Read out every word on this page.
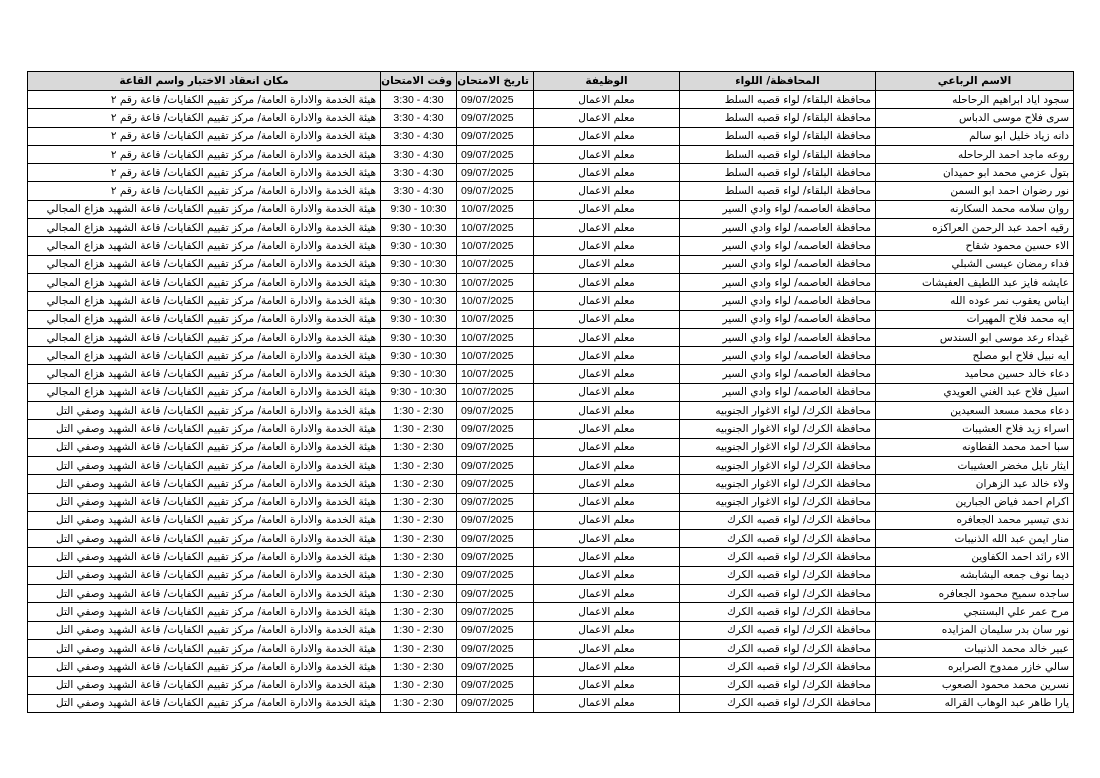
الاسم الرباعي	المحافظة/ اللواء	الوظيفة	تاريخ الامتحان	وقت الامتحان	مكان انعقاد الاختبار واسم القاعة
سجود اياد ابراهيم الرحاحله	محافظة البلقاء/ لواء قصبه السلط	معلم الاعمال	09/07/2025	3:30 - 4:30	هيئة الخدمة والادارة العامة/ مركز تقييم الكفايات/ قاعة رقم ٢
سرى فلاح موسى الدباس	محافظة البلقاء/ لواء قصبه السلط	معلم الاعمال	09/07/2025	3:30 - 4:30	هيئة الخدمة والادارة العامة/ مركز تقييم الكفايات/ قاعة رقم ٢
دانه زياد خليل ابو سالم	محافظة البلقاء/ لواء قصبه السلط	معلم الاعمال	09/07/2025	3:30 - 4:30	هيئة الخدمة والادارة العامة/ مركز تقييم الكفايات/ قاعة رقم ٢
روعه ماجد احمد الرحاحله	محافظة البلقاء/ لواء قصبه السلط	معلم الاعمال	09/07/2025	3:30 - 4:30	هيئة الخدمة والادارة العامة/ مركز تقييم الكفايات/ قاعة رقم ٢
بتول عزمي محمد ابو حميدان	محافظة البلقاء/ لواء قصبه السلط	معلم الاعمال	09/07/2025	3:30 - 4:30	هيئة الخدمة والادارة العامة/ مركز تقييم الكفايات/ قاعة رقم ٢
نور رضوان احمد ابو السمن	محافظة البلقاء/ لواء قصبه السلط	معلم الاعمال	09/07/2025	3:30 - 4:30	هيئة الخدمة والادارة العامة/ مركز تقييم الكفايات/ قاعة رقم ٢
روان سلامه محمد السكارنه	محافظة العاصمه/ لواء وادي السير	معلم الاعمال	10/07/2025	9:30 - 10:30	هيئة الخدمة والادارة العامة/ مركز تقييم الكفايات/ قاعة الشهيد هزاع المجالي
رقيه احمد عبد الرحمن العراكزه	محافظة العاصمه/ لواء وادي السير	معلم الاعمال	10/07/2025	9:30 - 10:30	هيئة الخدمة والادارة العامة/ مركز تقييم الكفايات/ قاعة الشهيد هزاع المجالي
الاء حسين محمود شقاح	محافظة العاصمه/ لواء وادي السير	معلم الاعمال	10/07/2025	9:30 - 10:30	هيئة الخدمة والادارة العامة/ مركز تقييم الكفايات/ قاعة الشهيد هزاع المجالي
فداء رمضان عيسى الشبلي	محافظة العاصمه/ لواء وادي السير	معلم الاعمال	10/07/2025	9:30 - 10:30	هيئة الخدمة والادارة العامة/ مركز تقييم الكفايات/ قاعة الشهيد هزاع المجالي
عايشه فايز عبد اللطيف العفيشات	محافظة العاصمه/ لواء وادي السير	معلم الاعمال	10/07/2025	9:30 - 10:30	هيئة الخدمة والادارة العامة/ مركز تقييم الكفايات/ قاعة الشهيد هزاع المجالي
ايناس يعقوب نمر عوده الله	محافظة العاصمه/ لواء وادي السير	معلم الاعمال	10/07/2025	9:30 - 10:30	هيئة الخدمة والادارة العامة/ مركز تقييم الكفايات/ قاعة الشهيد هزاع المجالي
ايه محمد فلاح المهيرات	محافظة العاصمه/ لواء وادي السير	معلم الاعمال	10/07/2025	9:30 - 10:30	هيئة الخدمة والادارة العامة/ مركز تقييم الكفايات/ قاعة الشهيد هزاع المجالي
غيداء رعد موسى ابو السندس	محافظة العاصمه/ لواء وادي السير	معلم الاعمال	10/07/2025	9:30 - 10:30	هيئة الخدمة والادارة العامة/ مركز تقييم الكفايات/ قاعة الشهيد هزاع المجالي
ايه نبيل فلاح ابو مصلح	محافظة العاصمه/ لواء وادي السير	معلم الاعمال	10/07/2025	9:30 - 10:30	هيئة الخدمة والادارة العامة/ مركز تقييم الكفايات/ قاعة الشهيد هزاع المجالي
دعاء خالد حسين محاميد	محافظة العاصمه/ لواء وادي السير	معلم الاعمال	10/07/2025	9:30 - 10:30	هيئة الخدمة والادارة العامة/ مركز تقييم الكفايات/ قاعة الشهيد هزاع المجالي
اسيل فلاح عبد الغني العويدي	محافظة العاصمه/ لواء وادي السير	معلم الاعمال	10/07/2025	9:30 - 10:30	هيئة الخدمة والادارة العامة/ مركز تقييم الكفايات/ قاعة الشهيد هزاع المجالي
دعاء محمد مسعد السعيدين	محافظة الكرك/ لواء الاغوار الجنوبيه	معلم الاعمال	09/07/2025	1:30 - 2:30	هيئة الخدمة والادارة العامة/ مركز تقييم الكفايات/ قاعة الشهيد وصفي التل
اسراء زيد فلاح العشيبات	محافظة الكرك/ لواء الاغوار الجنوبيه	معلم الاعمال	09/07/2025	1:30 - 2:30	هيئة الخدمة والادارة العامة/ مركز تقييم الكفايات/ قاعة الشهيد وصفي التل
سبا احمد محمد القطاونه	محافظة الكرك/ لواء الاغوار الجنوبيه	معلم الاعمال	09/07/2025	1:30 - 2:30	هيئة الخدمة والادارة العامة/ مركز تقييم الكفايات/ قاعة الشهيد وصفي التل
ايثار نايل مخضر العشيبات	محافظة الكرك/ لواء الاغوار الجنوبيه	معلم الاعمال	09/07/2025	1:30 - 2:30	هيئة الخدمة والادارة العامة/ مركز تقييم الكفايات/ قاعة الشهيد وصفي التل
ولاء خالد عبد الزهران	محافظة الكرك/ لواء الاغوار الجنوبيه	معلم الاعمال	09/07/2025	1:30 - 2:30	هيئة الخدمة والادارة العامة/ مركز تقييم الكفايات/ قاعة الشهيد وصفي التل
اكرام احمد فياض الجبارين	محافظة الكرك/ لواء الاغوار الجنوبيه	معلم الاعمال	09/07/2025	1:30 - 2:30	هيئة الخدمة والادارة العامة/ مركز تقييم الكفايات/ قاعة الشهيد وصفي التل
ندى تيسير محمد الجعافره	محافظة الكرك/ لواء قصبه الكرك	معلم الاعمال	09/07/2025	1:30 - 2:30	هيئة الخدمة والادارة العامة/ مركز تقييم الكفايات/ قاعة الشهيد وصفي التل
منار ايمن عبد الله الذنيبات	محافظة الكرك/ لواء قصبه الكرك	معلم الاعمال	09/07/2025	1:30 - 2:30	هيئة الخدمة والادارة العامة/ مركز تقييم الكفايات/ قاعة الشهيد وصفي التل
الاء رائد احمد الكفاوين	محافظة الكرك/ لواء قصبه الكرك	معلم الاعمال	09/07/2025	1:30 - 2:30	هيئة الخدمة والادارة العامة/ مركز تقييم الكفايات/ قاعة الشهيد وصفي التل
ديما نوف جمعه البشابشه	محافظة الكرك/ لواء قصبه الكرك	معلم الاعمال	09/07/2025	1:30 - 2:30	هيئة الخدمة والادارة العامة/ مركز تقييم الكفايات/ قاعة الشهيد وصفي التل
ساجده سميح محمود الجعافره	محافظة الكرك/ لواء قصبه الكرك	معلم الاعمال	09/07/2025	1:30 - 2:30	هيئة الخدمة والادارة العامة/ مركز تقييم الكفايات/ قاعة الشهيد وصفي التل
مرح عمر علي البستنجي	محافظة الكرك/ لواء قصبه الكرك	معلم الاعمال	09/07/2025	1:30 - 2:30	هيئة الخدمة والادارة العامة/ مركز تقييم الكفايات/ قاعة الشهيد وصفي التل
نور سان بدر سليمان المزايده	محافظة الكرك/ لواء قصبه الكرك	معلم الاعمال	09/07/2025	1:30 - 2:30	هيئة الخدمة والادارة العامة/ مركز تقييم الكفايات/ قاعة الشهيد وصفي التل
عبير خالد محمد الذنيبات	محافظة الكرك/ لواء قصبه الكرك	معلم الاعمال	09/07/2025	1:30 - 2:30	هيئة الخدمة والادارة العامة/ مركز تقييم الكفايات/ قاعة الشهيد وصفي التل
سالي خازر ممدوح الصرايره	محافظة الكرك/ لواء قصبه الكرك	معلم الاعمال	09/07/2025	1:30 - 2:30	هيئة الخدمة والادارة العامة/ مركز تقييم الكفايات/ قاعة الشهيد وصفي التل
نسرين محمد محمود الصعوب	محافظة الكرك/ لواء قصبه الكرك	معلم الاعمال	09/07/2025	1:30 - 2:30	هيئة الخدمة والادارة العامة/ مركز تقييم الكفايات/ قاعة الشهيد وصفي التل
يارا طاهر عبد الوهاب القراله	محافظة الكرك/ لواء قصبه الكرك	معلم الاعمال	09/07/2025	1:30 - 2:30	هيئة الخدمة والادارة العامة/ مركز تقييم الكفايات/ قاعة الشهيد وصفي التل
